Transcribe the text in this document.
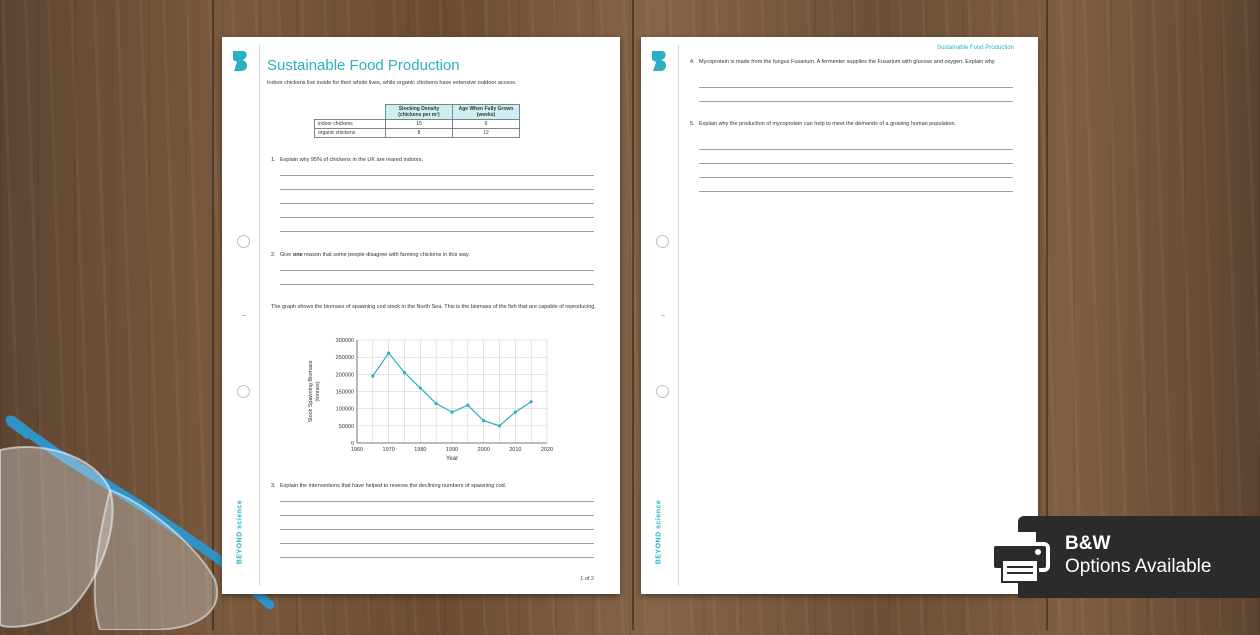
BEYOND science
Sustainable Food Production
Indoor chickens live inside for their whole lives, while organic chickens have extensive outdoor access.
	Stocking Density (chickens per m²)	Age When Fully Grown (weeks)
indoor chickens	15	6
organic chickens	8	12
1. Explain why 95% of chickens in the UK are reared indoors.
2. Give one reason that some people disagree with farming chickens in this way.
The graph shows the biomass of spawning cod stock in the North Sea. This is the biomass of the fish that are capable of reproducing.
0
50000
100000
150000
200000
250000
300000
1960	1970	1980	1990	2000	2010	2020
Year
Stock Spawning Biomass (tonnes)
3. Explain the interventions that have helped to reverse the declining numbers of spawning cod.
1 of 2
Sustainable Food Production
BEYOND science
4. Mycoprotein is made from the fungus Fusarium. A fermenter supplies the Fusarium with glucose and oxygen. Explain why.
5. Explain why the production of mycoprotein can help to meet the demands of a growing human population.
B&W
Options Available
